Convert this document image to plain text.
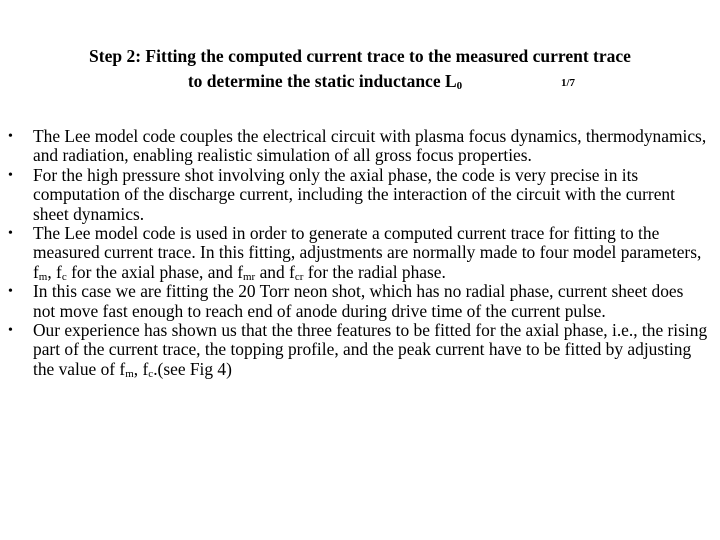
Step 2: Fitting the computed current trace to the measured current trace
to determine the static inductance L0	1/7
• The Lee model code couples the electrical circuit with plasma focus dynamics, thermodynamics, and radiation, enabling realistic simulation of all gross focus properties.
• For the high pressure shot involving only the axial phase, the code is very precise in its computation of the discharge current, including the interaction of the circuit with the current sheet dynamics.
• The Lee model code is used in order to generate a computed current trace for fitting to the measured current trace. In this fitting, adjustments are normally made to four model parameters, $f_m$, $f_c$ for the axial phase, and $f_{mr}$ and $f_{cr}$ for the radial phase.
• In this case we are fitting the 20 Torr neon shot, which has no radial phase, current sheet does not move fast enough to reach end of anode during drive time of the current pulse.
• Our experience has shown us that the three features to be fitted for the axial phase, i.e., the rising part of the current trace, the topping profile, and the peak current have to be fitted by adjusting the value of $f_m$, $f_c.(see$ Fig 4)
